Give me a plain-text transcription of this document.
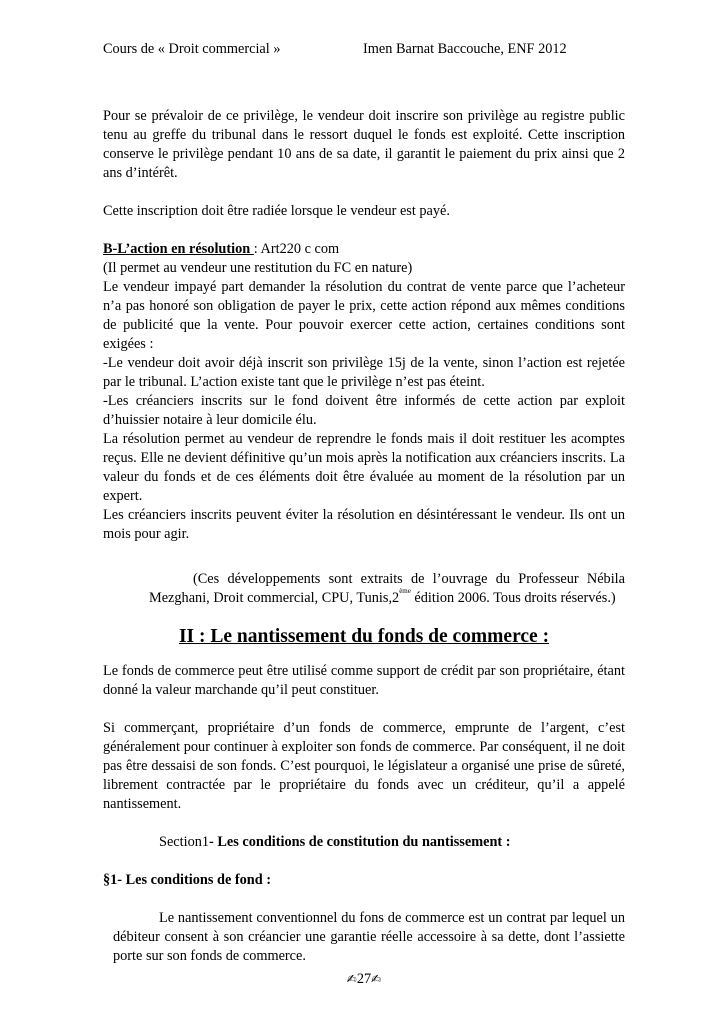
Cours de « Droit commercial »	Imen Barnat Baccouche, ENF 2012

Pour se prévaloir de ce privilège, le vendeur doit inscrire son privilège au registre public tenu au greffe du tribunal dans le ressort duquel le fonds est exploité. Cette inscription conserve le privilège pendant 10 ans de sa date, il garantit le paiement du prix ainsi que 2 ans d’intérêt.

Cette inscription doit être radiée lorsque le vendeur est payé.

B-L’action en résolution : Art220 c com

(Il permet au vendeur une restitution du FC en nature)

Le vendeur impayé part demander la résolution du contrat de vente parce que l’acheteur n’a pas honoré son obligation de payer le prix, cette action répond aux mêmes conditions de publicité que la vente. Pour pouvoir exercer cette action, certaines conditions sont exigées :

-Le vendeur doit avoir déjà inscrit son privilège 15j de la vente, sinon l’action est rejetée par le tribunal. L’action existe tant que le privilège n’est pas éteint.

-Les créanciers inscrits sur le fond doivent être informés de cette action par exploit d’huissier notaire à leur domicile élu.

La résolution permet au vendeur de reprendre le fonds mais il doit restituer les acomptes reçus. Elle ne devient définitive qu’un mois après la notification aux créanciers inscrits. La valeur du fonds et de ces éléments doit être évaluée au moment de la résolution par un expert.

Les créanciers inscrits peuvent éviter la résolution en désintéressant le vendeur. Ils ont un mois pour agir.

(Ces développements sont extraits de l’ouvrage du Professeur Nébila Mezghani, Droit commercial, CPU, Tunis,2ème édition 2006. Tous droits réservés.)

II : Le nantissement du fonds de commerce :

Le fonds de commerce peut être utilisé comme support de crédit par son propriétaire, étant donné la valeur marchande qu’il peut constituer.

Si commerçant, propriétaire d’un fonds de commerce, emprunte de l’argent, c’est généralement pour continuer à exploiter son fonds de commerce. Par conséquent, il ne doit pas être dessaisi de son fonds. C’est pourquoi, le législateur a organisé une prise de sûreté, librement contractée par le propriétaire du fonds avec un créditeur, qu’il a appelé nantissement.

Section1- Les conditions de constitution du nantissement :

§1- Les conditions de fond :

Le nantissement conventionnel du fons de commerce est un contrat par lequel un débiteur consent à son créancier une garantie réelle accessoire à sa dette, dont l’assiette porte sur son fonds de commerce.

✍27✍
